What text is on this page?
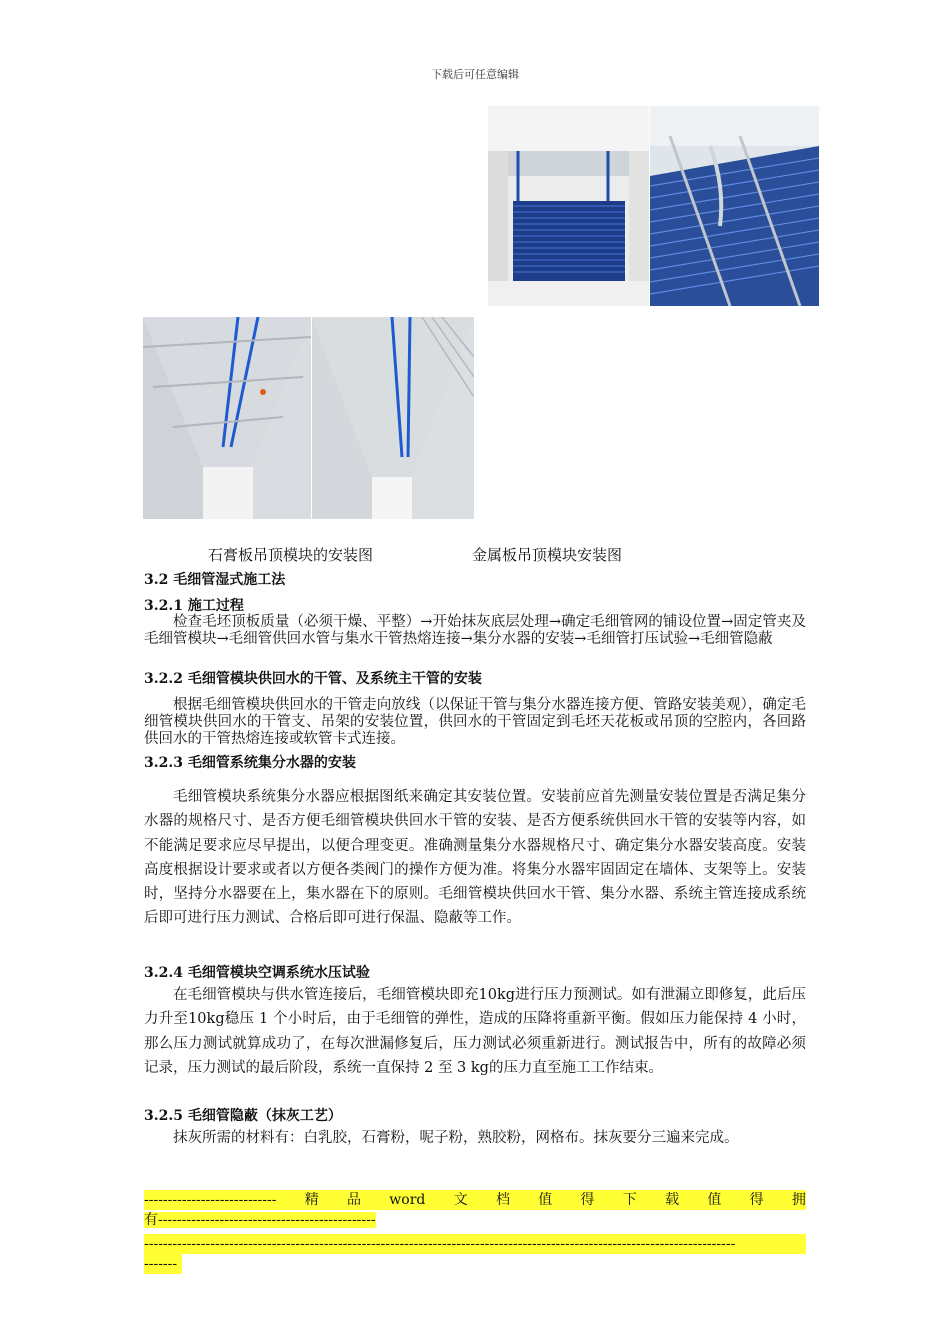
下载后可任意编辑
石膏板吊顶模块的安装图	金属板吊顶模块安装图
3.2 毛细管湿式施工法
3.2.1 施工过程
检查毛坯顶板质量（必须干燥、平整）→开始抹灰底层处理→确定毛细管网的铺设位置→固定管夹及毛细管模块→毛细管供回水管与集水干管热熔连接→集分水器的安装→毛细管打压试验→毛细管隐蔽
3.2.2 毛细管模块供回水的干管、及系统主干管的安装
根据毛细管模块供回水的干管走向放线（以保证干管与集分水器连接方便、管路安装美观），确定毛细管模块供回水的干管支、吊架的安装位置，供回水的干管固定到毛坯天花板或吊顶的空腔内，各回路供回水的干管热熔连接或软管卡式连接。
3.2.3 毛细管系统集分水器的安装
毛细管模块系统集分水器应根据图纸来确定其安装位置。安装前应首先测量安装位置是否满足集分水器的规格尺寸、是否方便毛细管模块供回水干管的安装、是否方便系统供回水干管的安装等内容，如不能满足要求应尽早提出，以便合理变更。准确测量集分水器规格尺寸、确定集分水器安装高度。安装高度根据设计要求或者以方便各类阀门的操作方便为准。将集分水器牢固固定在墙体、支架等上。安装时，坚持分水器要在上，集水器在下的原则。毛细管模块供回水干管、集分水器、系统主管连接成系统后即可进行压力测试、合格后即可进行保温、隐蔽等工作。
3.2.4 毛细管模块空调系统水压试验
在毛细管模块与供水管连接后，毛细管模块即充10kg进行压力预测试。如有泄漏立即修复，此后压力升至10kg稳压 1 个小时后，由于毛细管的弹性，造成的压降将重新平衡。假如压力能保持 4 小时，那么压力测试就算成功了，在每次泄漏修复后，压力测试必须重新进行。测试报告中，所有的故障必须记录，压力测试的最后阶段，系统一直保持 2 至 3 kg的压力直至施工工作结束。
3.2.5 毛细管隐蔽（抹灰工艺）
抹灰所需的材料有：白乳胶，石膏粉，呢子粉，熟胶粉，网格布。抹灰要分三遍来完成。
---------------------------- 精 品 word 文 档 值 得 下 载 值 得 拥
有----------------------------------------------
-----------------------------------------------------------------------------------------------------------------------------
-------
